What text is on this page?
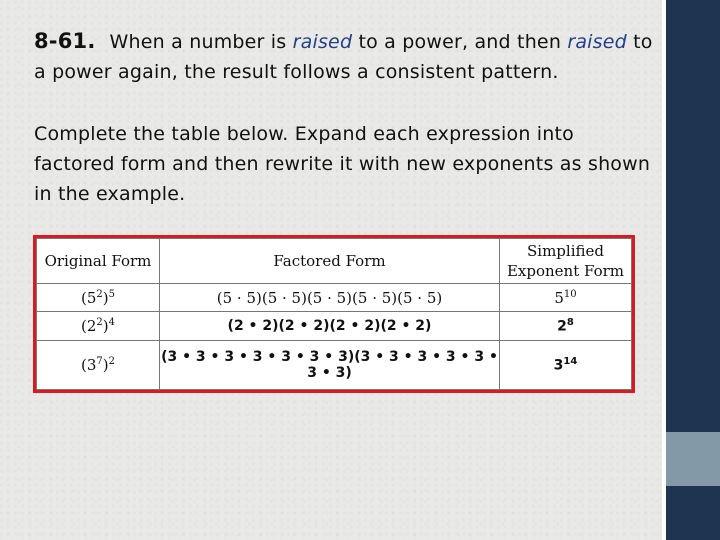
8-61. When a number is raised to a power, and then raised to a power again, the result follows a consistent pattern.
Complete the table below. Expand each expression into factored form and then rewrite it with new exponents as shown in the example.
Original Form	Factored Form	Simplified
Exponent Form
$(5^2)^5$	(5 · 5)(5 · 5)(5 · 5)(5 · 5)(5 · 5)	$5^{10}$
$(2^2)^4$	(2 • 2)(2 • 2)(2 • 2)(2 • 2)	$2^8$
$(3^7)^2$	(3 • 3 • 3 • 3 • 3 • 3 • 3)(3 • 3 • 3 • 3 • 3 • 3 • 3)	$3^{14}$
